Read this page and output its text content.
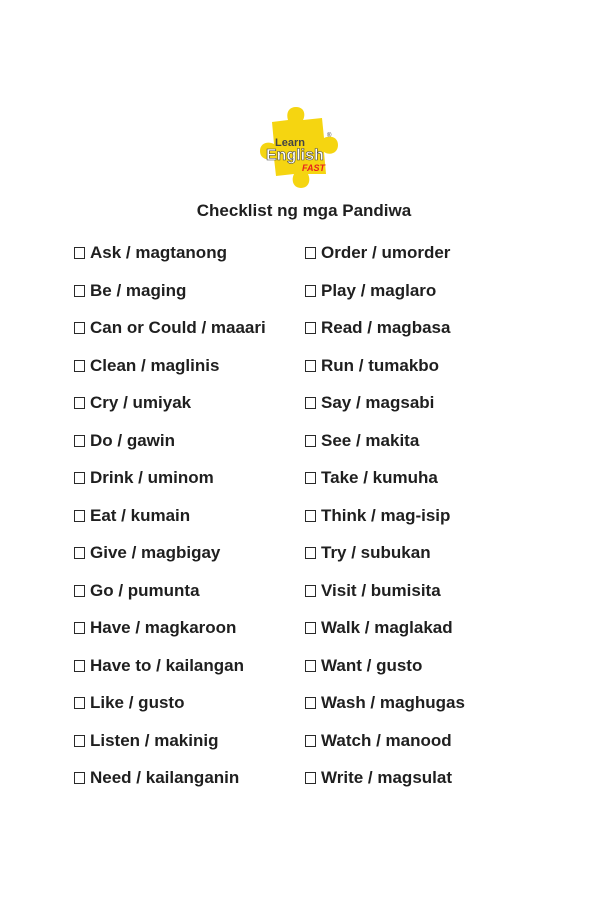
Learn
®
English
FAST
Checklist ng mga Pandiwa
Ask / magtanong
Be / maging
Can or Could / maaari
Clean / maglinis
Cry / umiyak
Do / gawin
Drink / uminom
Eat / kumain
Give / magbigay
Go / pumunta
Have / magkaroon
Have to / kailangan
Like / gusto
Listen / makinig
Need / kailanganin
Order / umorder
Play / maglaro
Read / magbasa
Run / tumakbo
Say / magsabi
See / makita
Take / kumuha
Think / mag-isip
Try / subukan
Visit / bumisita
Walk / maglakad
Want / gusto
Wash / maghugas
Watch / manood
Write / magsulat
